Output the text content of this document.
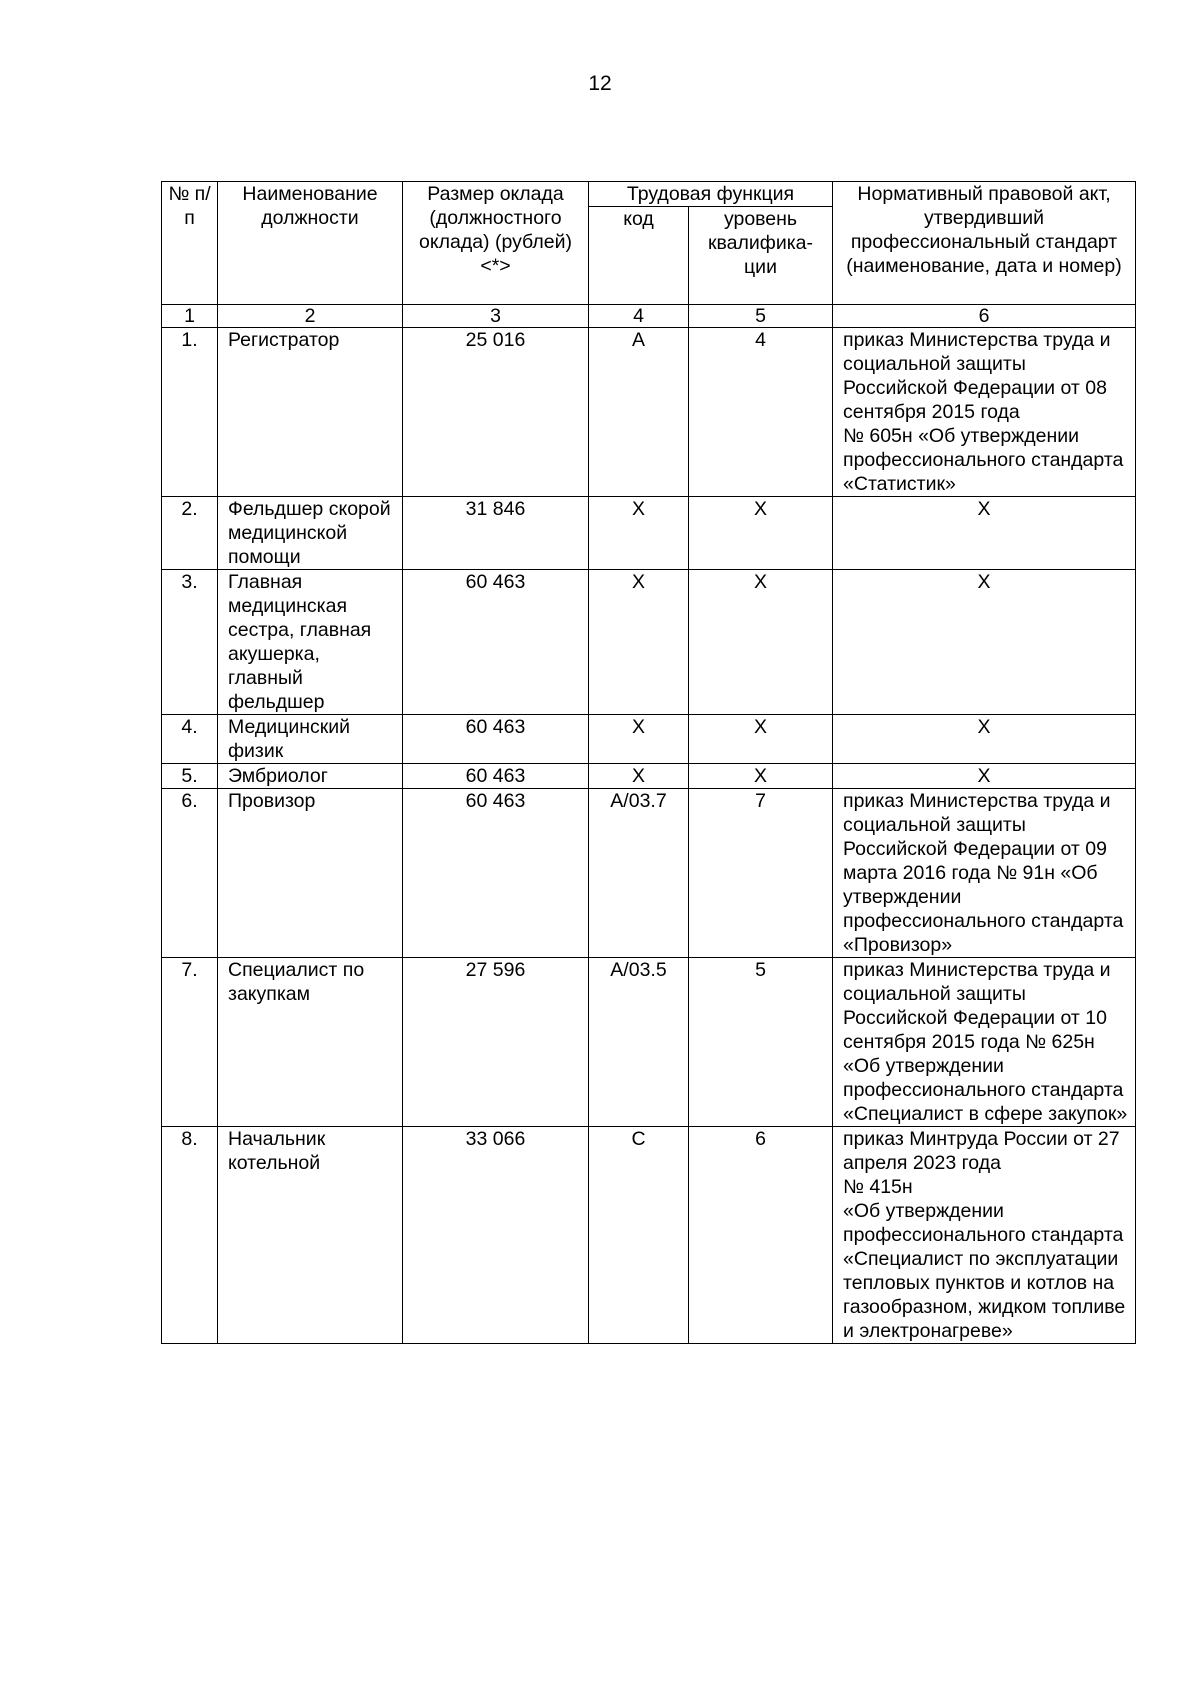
12
№ п/п	Наименование должности	Размер оклада (должностного оклада) (рублей) <*>	Трудовая функция		Нормативный правовой акт, утвердивший профессиональный стандарт (наименование, дата и номер)
			код	уровень квалифика-ции	
1	2	3	4	5	6
1.	Регистратор	25 016	А	4	приказ Министерства труда и социальной защиты Российской Федерации от 08 сентября 2015 года
№ 605н «Об утверждении профессионального стандарта «Статистик»
2.	Фельдшер скорой медицинской помощи	31 846	Х	Х	Х
3.	Главная медицинская сестра, главная акушерка, главный фельдшер	60 463	Х	Х	Х
4.	Медицинский физик	60 463	Х	Х	Х
5.	Эмбриолог	60 463	Х	Х	Х
6.	Провизор	60 463	А/03.7	7	приказ Министерства труда и социальной защиты Российской Федерации от 09 марта 2016 года № 91н «Об утверждении профессионального стандарта «Провизор»
7.	Специалист по закупкам	27 596	А/03.5	5	приказ Министерства труда и социальной защиты Российской Федерации от 10 сентября 2015 года № 625н «Об утверждении профессионального стандарта «Специалист в сфере закупок»
8.	Начальник котельной	33 066	С	6	приказ Минтруда России от 27 апреля 2023 года
№ 415н
«Об утверждении профессионального стандарта «Специалист по эксплуатации тепловых пунктов и котлов на газообразном, жидком топливе и электронагреве»
